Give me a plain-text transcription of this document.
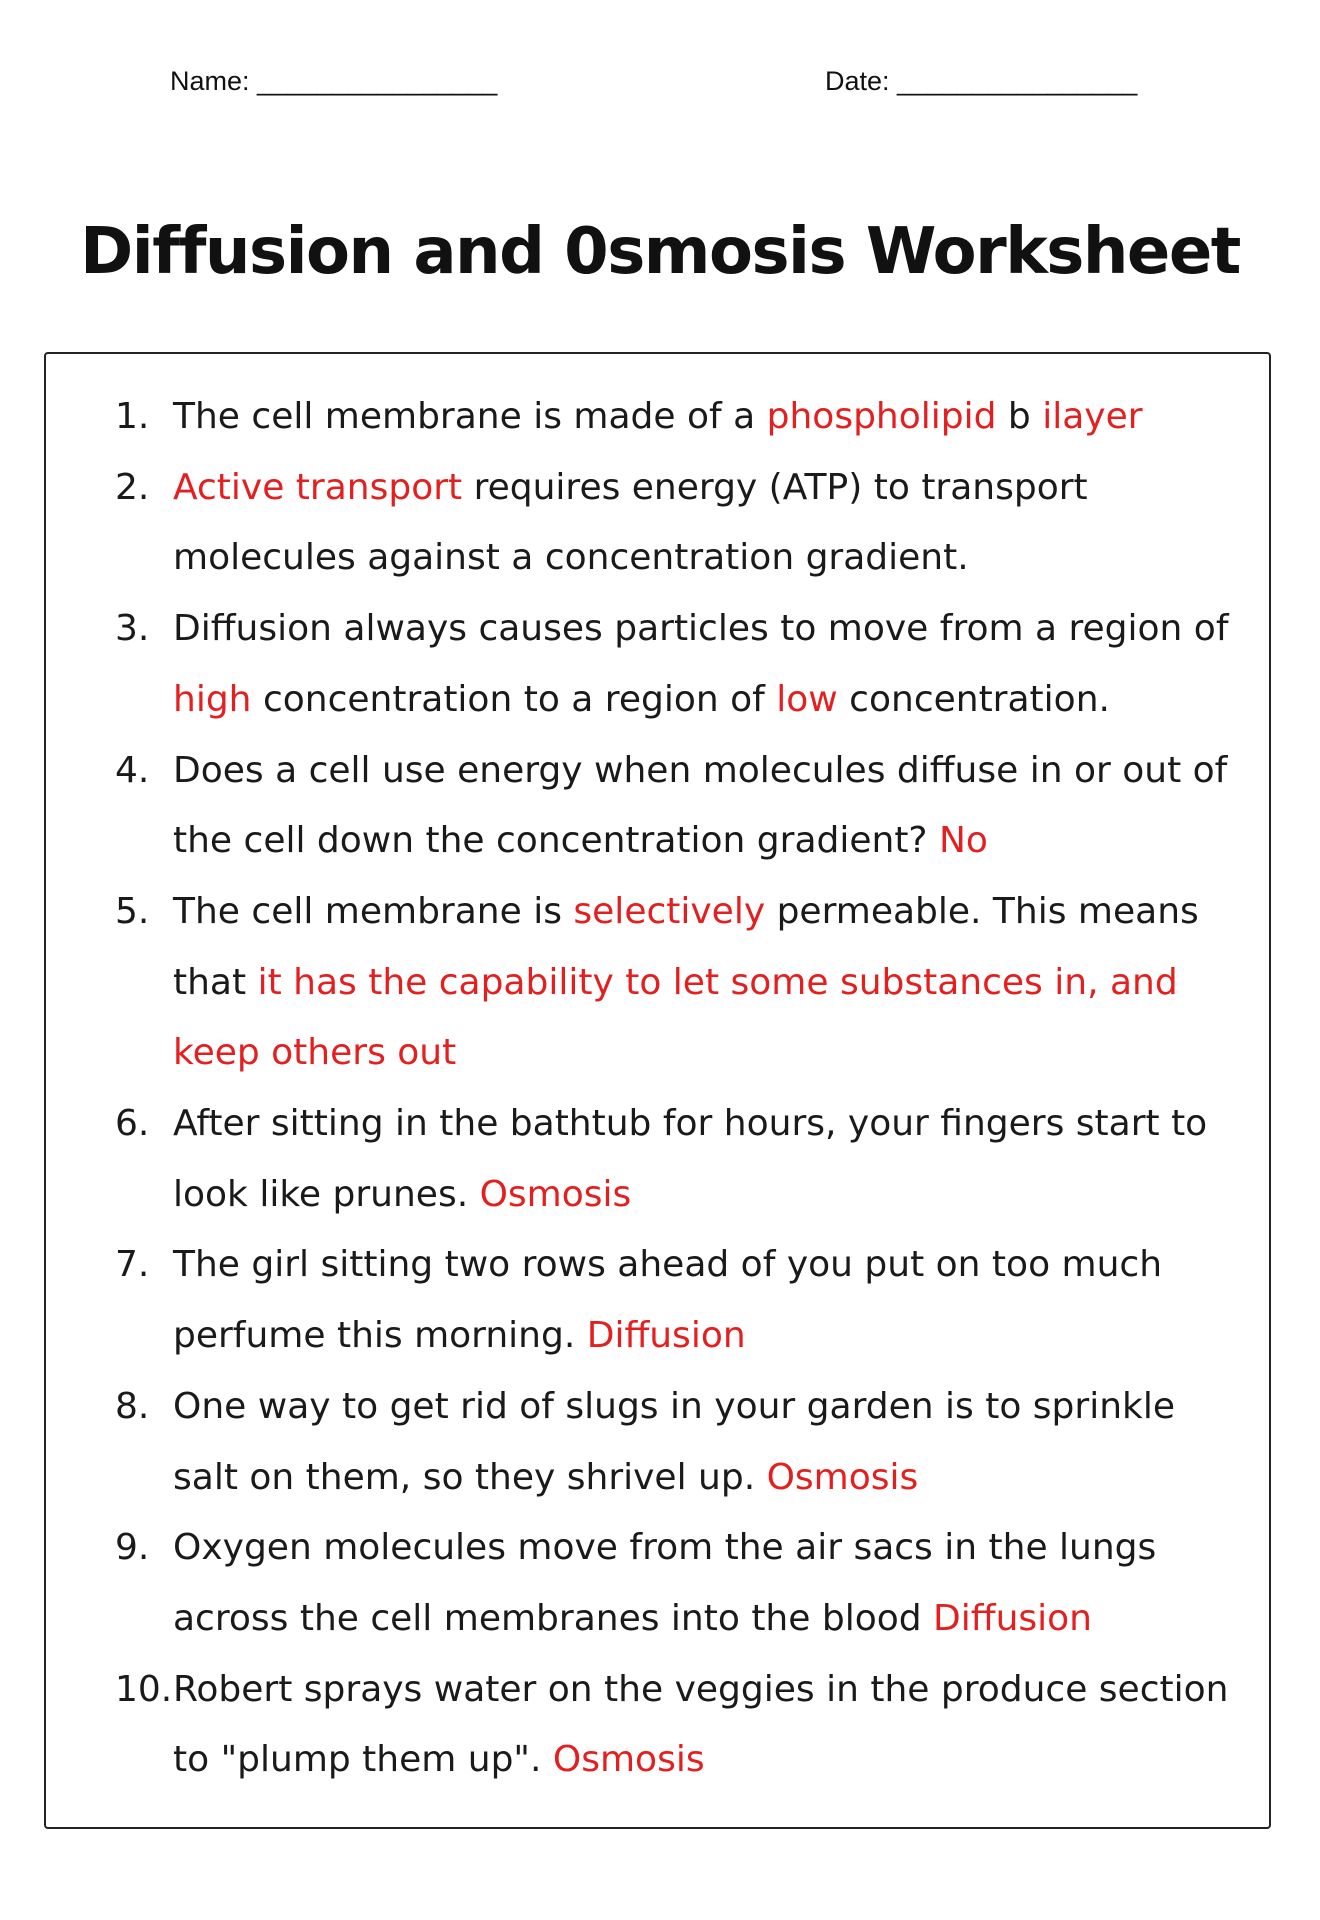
Name: ________________	Date: ________________
Diffusion and 0smosis Worksheet
1. The cell membrane is made of a phospholipid b ilayer
2. Active transport requires energy (ATP) to transport
molecules against a concentration gradient.
3. Diffusion always causes particles to move from a region of
high concentration to a region of low concentration.
4. Does a cell use energy when molecules diffuse in or out of
the cell down the concentration gradient? No
5. The cell membrane is selectively permeable. This means
that it has the capability to let some substances in, and
keep others out
6. After sitting in the bathtub for hours, your fingers start to
look like prunes. Osmosis
7. The girl sitting two rows ahead of you put on too much
perfume this morning. Diffusion
8. One way to get rid of slugs in your garden is to sprinkle
salt on them, so they shrivel up. Osmosis
9. Oxygen molecules move from the air sacs in the lungs
across the cell membranes into the blood Diffusion
10. Robert sprays water on the veggies in the produce section
to "plump them up". Osmosis
